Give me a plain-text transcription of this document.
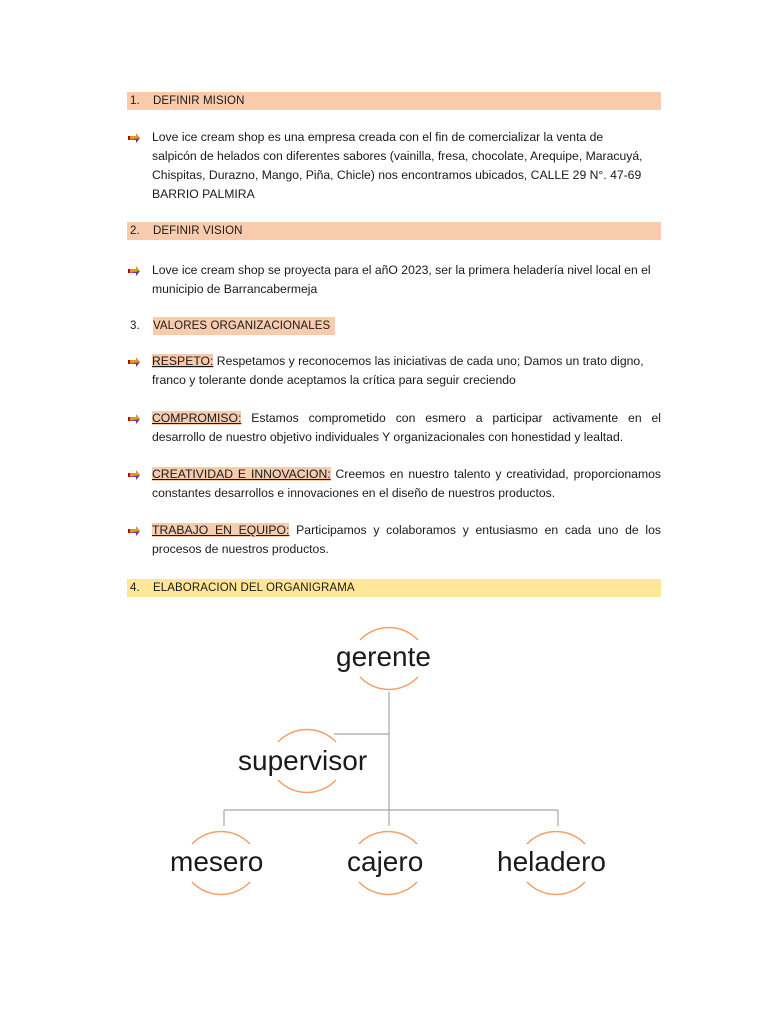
1. DEFINIR MISION
Love ice cream shop es una empresa creada con el fin de comercializar la venta de
salpicón de helados con diferentes sabores (vainilla, fresa, chocolate, Arequipe, Maracuyá,
Chispitas, Durazno, Mango, Piña, Chicle) nos encontramos ubicados, CALLE 29 N°. 47-69
BARRIO PALMIRA
2. DEFINIR VISION
Love ice cream shop se proyecta para el añO 2023, ser la primera heladería nivel local en el
municipio de Barrancabermeja
3. VALORES ORGANIZACIONALES
RESPETO: Respetamos y reconocemos las iniciativas de cada uno; Damos un trato digno,
franco y tolerante donde aceptamos la crítica para seguir creciendo
COMPROMISO: Estamos comprometido con esmero a participar activamente en el
desarrollo de nuestro objetivo individuales Y organizacionales con honestidad y lealtad.
CREATIVIDAD E INNOVACION: Creemos en nuestro talento y creatividad, proporcionamos
constantes desarrollos e innovaciones en el diseño de nuestros productos.
TRABAJO EN EQUIPO: Participamos y colaboramos y entusiasmo en cada uno de los
procesos de nuestros productos.
4. ELABORACION DEL ORGANIGRAMA
gerente
supervisor
mesero	cajero	heladero
